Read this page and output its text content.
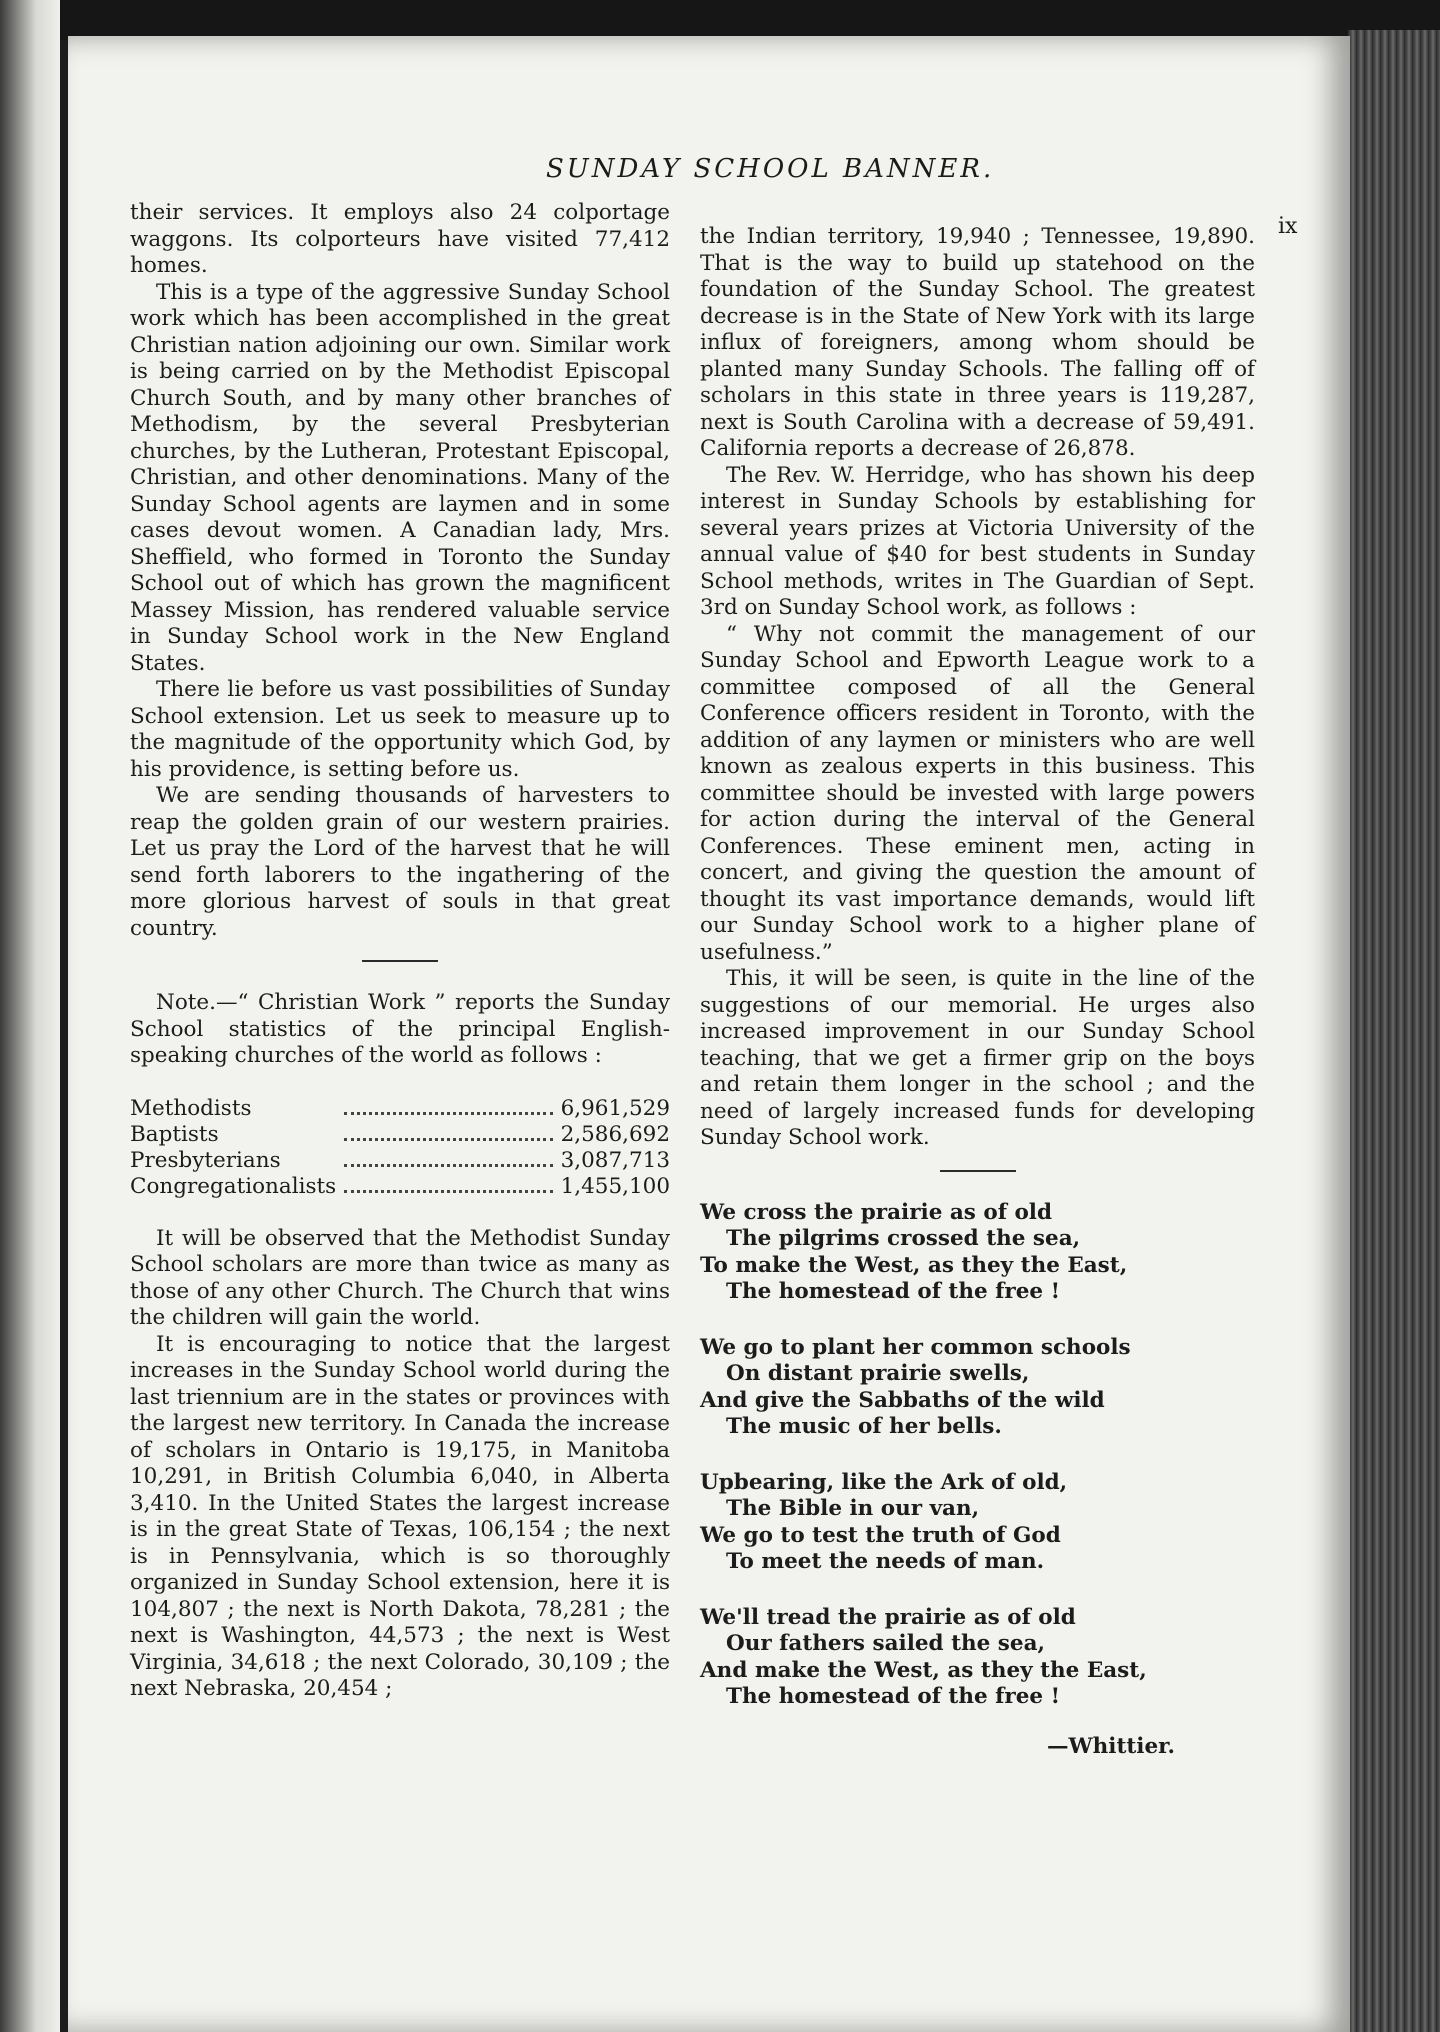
SUNDAY SCHOOL BANNER.
ix

their services. It employs also 24 colportage waggons. Its colporteurs have visited 77,412 homes.

This is a type of the aggressive Sunday School work which has been accomplished in the great Christian nation adjoining our own. Similar work is being carried on by the Methodist Episcopal Church South, and by many other branches of Methodism, by the several Presbyterian churches, by the Lutheran, Protestant Episcopal, Christian, and other denominations. Many of the Sunday School agents are laymen and in some cases devout women. A Canadian lady, Mrs. Sheffield, who formed in Toronto the Sunday School out of which has grown the magnificent Massey Mission, has rendered valuable service in Sunday School work in the New England States.

There lie before us vast possibilities of Sunday School extension. Let us seek to measure up to the magnitude of the opportunity which God, by his providence, is setting before us.

We are sending thousands of harvesters to reap the golden grain of our western prairies. Let us pray the Lord of the harvest that he will send forth laborers to the ingathering of the more glorious harvest of souls in that great country.

Note.—“ Christian Work ” reports the Sunday School statistics of the principal English-speaking churches of the world as follows :

Methodists		6,961,529
Baptists		2,586,692
Presbyterians		3,087,713
Congregationalists		1,455,100

It will be observed that the Methodist Sunday School scholars are more than twice as many as those of any other Church. The Church that wins the children will gain the world.

It is encouraging to notice that the largest increases in the Sunday School world during the last triennium are in the states or provinces with the largest new territory. In Canada the increase of scholars in Ontario is 19,175, in Manitoba 10,291, in British Columbia 6,040, in Alberta 3,410. In the United States the largest increase is in the great State of Texas, 106,154 ; the next is in Pennsylvania, which is so thoroughly organized in Sunday School extension, here it is 104,807 ; the next is North Dakota, 78,281 ; the next is Washington, 44,573 ; the next is West Virginia, 34,618 ; the next Colorado, 30,109 ; the next Nebraska, 20,454 ;

the Indian territory, 19,940 ; Tennessee, 19,890. That is the way to build up statehood on the foundation of the Sunday School. The greatest decrease is in the State of New York with its large influx of foreigners, among whom should be planted many Sunday Schools. The falling off of scholars in this state in three years is 119,287, next is South Carolina with a decrease of 59,491. California reports a decrease of 26,878.

The Rev. W. Herridge, who has shown his deep interest in Sunday Schools by establishing for several years prizes at Victoria University of the annual value of $40 for best students in Sunday School methods, writes in The Guardian of Sept. 3rd on Sunday School work, as follows :

“ Why not commit the management of our Sunday School and Epworth League work to a committee composed of all the General Conference officers resident in Toronto, with the addition of any laymen or ministers who are well known as zealous experts in this business. This committee should be invested with large powers for action during the interval of the General Conferences. These eminent men, acting in concert, and giving the question the amount of thought its vast importance demands, would lift our Sunday School work to a higher plane of usefulness.”

This, it will be seen, is quite in the line of the suggestions of our memorial. He urges also increased improvement in our Sunday School teaching, that we get a firmer grip on the boys and retain them longer in the school ; and the need of largely increased funds for developing Sunday School work.

We cross the prairie as of old
The pilgrims crossed the sea,
To make the West, as they the East,
The homestead of the free !
We go to plant her common schools
On distant prairie swells,
And give the Sabbaths of the wild
The music of her bells.
Upbearing, like the Ark of old,
The Bible in our van,
We go to test the truth of God
To meet the needs of man.
We'll tread the prairie as of old
Our fathers sailed the sea,
And make the West, as they the East,
The homestead of the free !
—Whittier.
